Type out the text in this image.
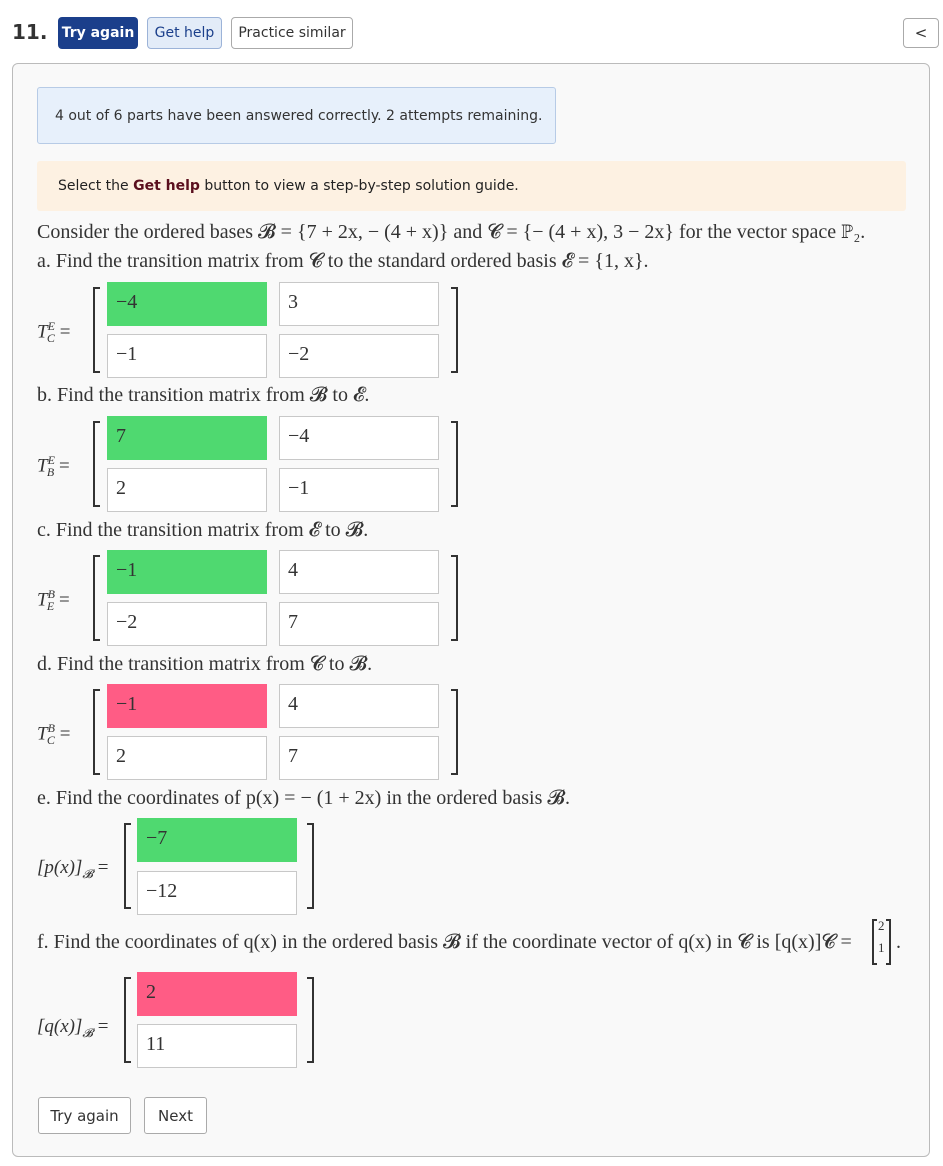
11. Try again	Get help	Practice similar	<
4 out of 6 parts have been answered correctly. 2 attempts remaining.
Select the
Get help
button to view a step-by-step solution guide.
Consider the ordered bases 𝓑 = {7 + 2x, − (4 + x)} and 𝓒 = {− (4 + x), 3 − 2x} for the vector space ℙ₂.
a. Find the transition matrix from 𝓒 to the standard ordered basis 𝓔 = {1, x}.
$T^E_C$ =
−4	3
−1	−2
b. Find the transition matrix from 𝓑 to 𝓔.
$T^E_B$ =
7	−4
2	−1
c. Find the transition matrix from 𝓔 to 𝓑.
$T^B_E$ =
−1	4
−2	7
d. Find the transition matrix from 𝓒 to 𝓑.
$T^B_C$ =
−1	4
2	7
e. Find the coordinates of p(x) = − (1 + 2x) in the ordered basis 𝓑.
$[p(x)]_𝓑$ =
−7
−12
f. Find the coordinates of q(x) in the ordered basis 𝓑 if the coordinate vector of q(x) in 𝓒 is [q(x)]𝓒 =
2
1 .
$[q(x)]_𝓑$ =
2
11
Try again	Next
